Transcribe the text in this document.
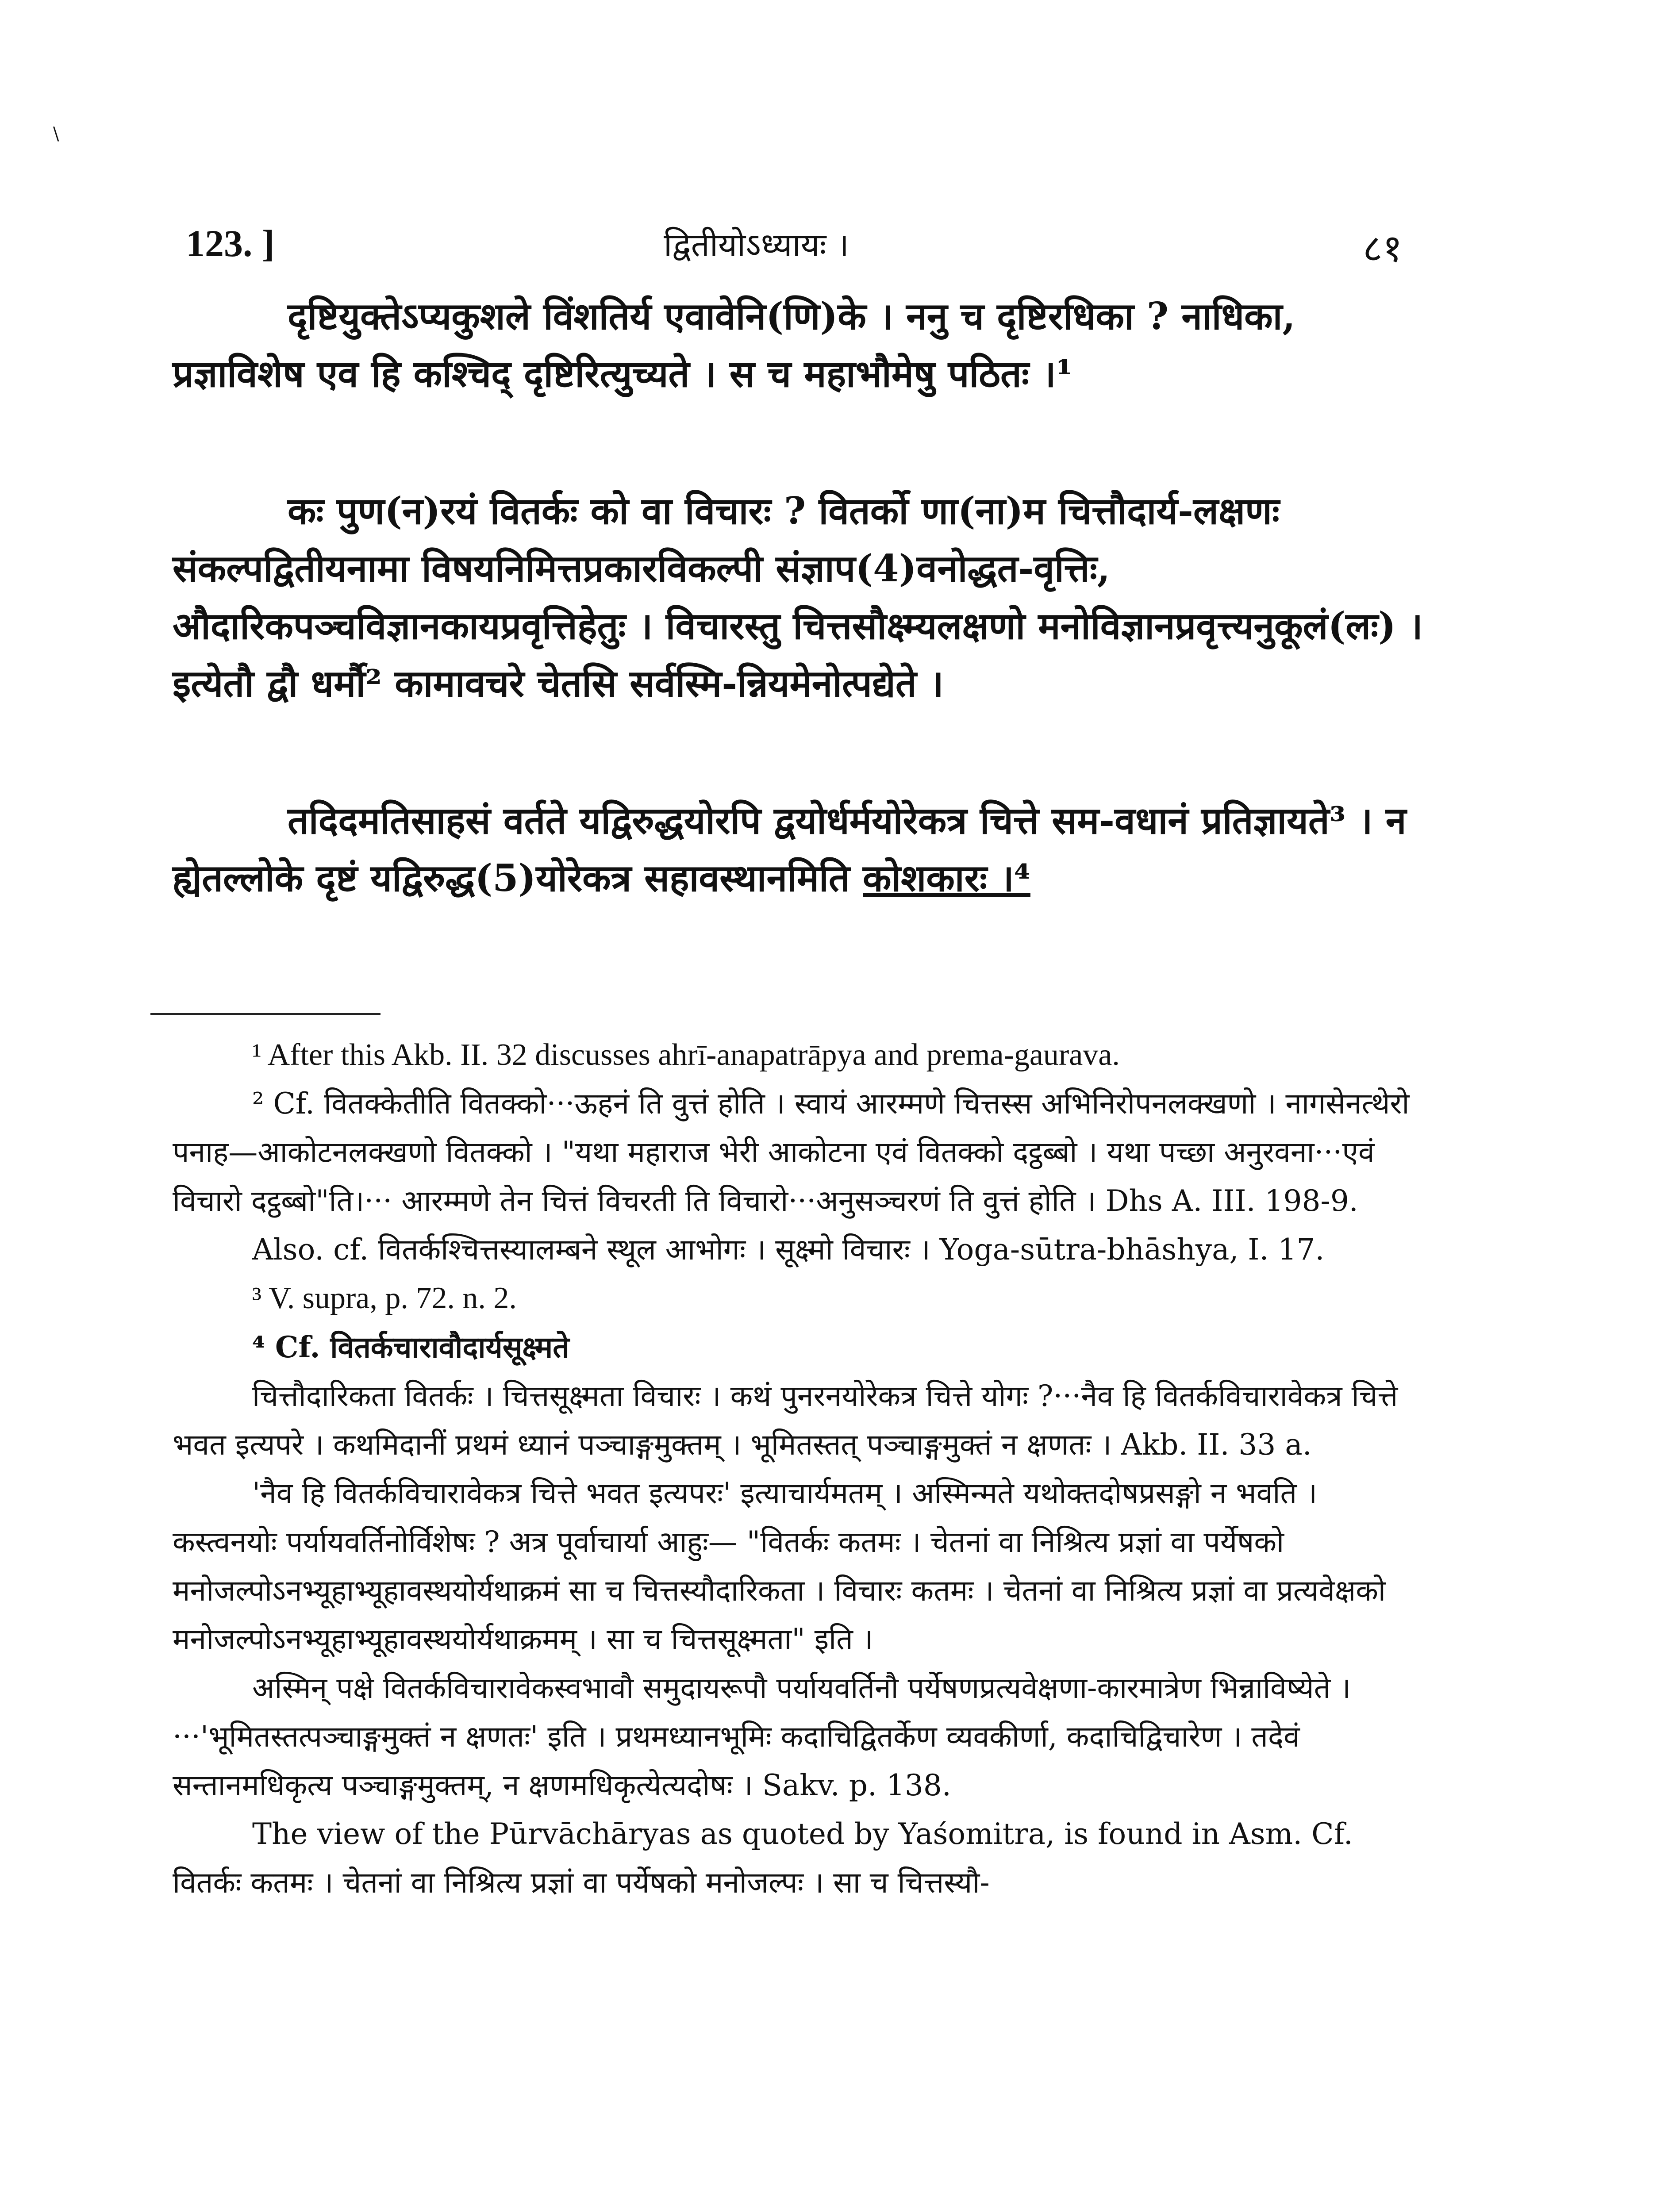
\
123. ]	द्वितीयोऽध्यायः ।	८१

दृष्टियुक्तेऽप्यकुशले विंशतिर्य एवावेनि(णि)के । ननु च दृष्टिरधिका ? नाधिका, प्रज्ञाविशेष एव हि कश्चिद् दृष्टिरित्युच्यते । स च महाभौमेषु पठितः ।¹

कः पुण(न)रयं वितर्कः को वा विचारः ? वितर्को णा(ना)म चित्तौदार्य-लक्षणः संकल्पद्वितीयनामा विषयनिमित्तप्रकारविकल्पी संज्ञाप(4)वनोद्धत-वृत्तिः, औदारिकपञ्चविज्ञानकायप्रवृत्तिहेतुः । विचारस्तु चित्तसौक्ष्म्यलक्षणो मनोविज्ञानप्रवृत्त्यनुकूलं(लः) । इत्येतौ द्वौ धर्मौ² कामावचरे चेतसि सर्वस्मि-न्नियमेनोत्पद्येते ।

तदिदमतिसाहसं वर्तते यद्विरुद्धयोरपि द्वयोर्धर्मयोरेकत्र चित्ते सम-वधानं प्रतिज्ञायते³ । न ह्येतल्लोके दृष्टं यद्विरुद्ध(5)योरेकत्र सहावस्थानमिति कोशकारः ।⁴

¹ After this Akb. II. 32 discusses ahrī-anapatrāpya and prema-gaurava.

² Cf. वितक्केतीति वितक्को···ऊहनं ति वुत्तं होति । स्वायं आरम्मणे चित्तस्स अभिनिरोपनलक्खणो । नागसेनत्थेरो पनाह—आकोटनलक्खणो वितक्को । "यथा महाराज भेरी आकोटना एवं वितक्को दट्ठब्बो । यथा पच्छा अनुरवना···एवं विचारो दट्ठब्बो"ति।··· आरम्मणे तेन चित्तं विचरती ति विचारो···अनुसञ्चरणं ति वुत्तं होति । Dhs A. III. 198-9.

Also. cf. वितर्कश्चित्तस्यालम्बने स्थूल आभोगः । सूक्ष्मो विचारः । Yoga-sūtra-bhāshya, I. 17.

³ V. supra, p. 72. n. 2.

⁴ Cf. वितर्कचारावौदार्यसूक्ष्मते

चित्तौदारिकता वितर्कः । चित्तसूक्ष्मता विचारः । कथं पुनरनयोरेकत्र चित्ते योगः ?···नैव हि वितर्कविचारावेकत्र चित्ते भवत इत्यपरे । कथमिदानीं प्रथमं ध्यानं पञ्चाङ्गमुक्तम् । भूमितस्तत् पञ्चाङ्गमुक्तं न क्षणतः । Akb. II. 33 a.

'नैव हि वितर्कविचारावेकत्र चित्ते भवत इत्यपरः' इत्याचार्यमतम् । अस्मिन्मते यथोक्तदोषप्रसङ्गो न भवति । कस्त्वनयोः पर्यायवर्तिनोर्विशेषः ? अत्र पूर्वाचार्या आहुः— "वितर्कः कतमः । चेतनां वा निश्रित्य प्रज्ञां वा पर्येषको मनोजल्पोऽनभ्यूहाभ्यूहावस्थयोर्यथाक्रमं सा च चित्तस्यौदारिकता । विचारः कतमः । चेतनां वा निश्रित्य प्रज्ञां वा प्रत्यवेक्षको मनोजल्पोऽनभ्यूहाभ्यूहावस्थयोर्यथाक्रमम् । सा च चित्तसूक्ष्मता" इति ।

अस्मिन् पक्षे वितर्कविचारावेकस्वभावौ समुदायरूपौ पर्यायवर्तिनौ पर्येषणप्रत्यवेक्षणा-कारमात्रेण भिन्नाविष्येते ।···'भूमितस्तत्पञ्चाङ्गमुक्तं न क्षणतः' इति । प्रथमध्यानभूमिः कदाचिद्वितर्केण व्यवकीर्णा, कदाचिद्विचारेण । तदेवं सन्तानमधिकृत्य पञ्चाङ्गमुक्तम्, न क्षणमधिकृत्येत्यदोषः । Sakv. p. 138.

The view of the Pūrvāchāryas as quoted by Yaśomitra, is found in Asm. Cf. वितर्कः कतमः । चेतनां वा निश्रित्य प्रज्ञां वा पर्येषको मनोजल्पः । सा च चित्तस्यौ-
